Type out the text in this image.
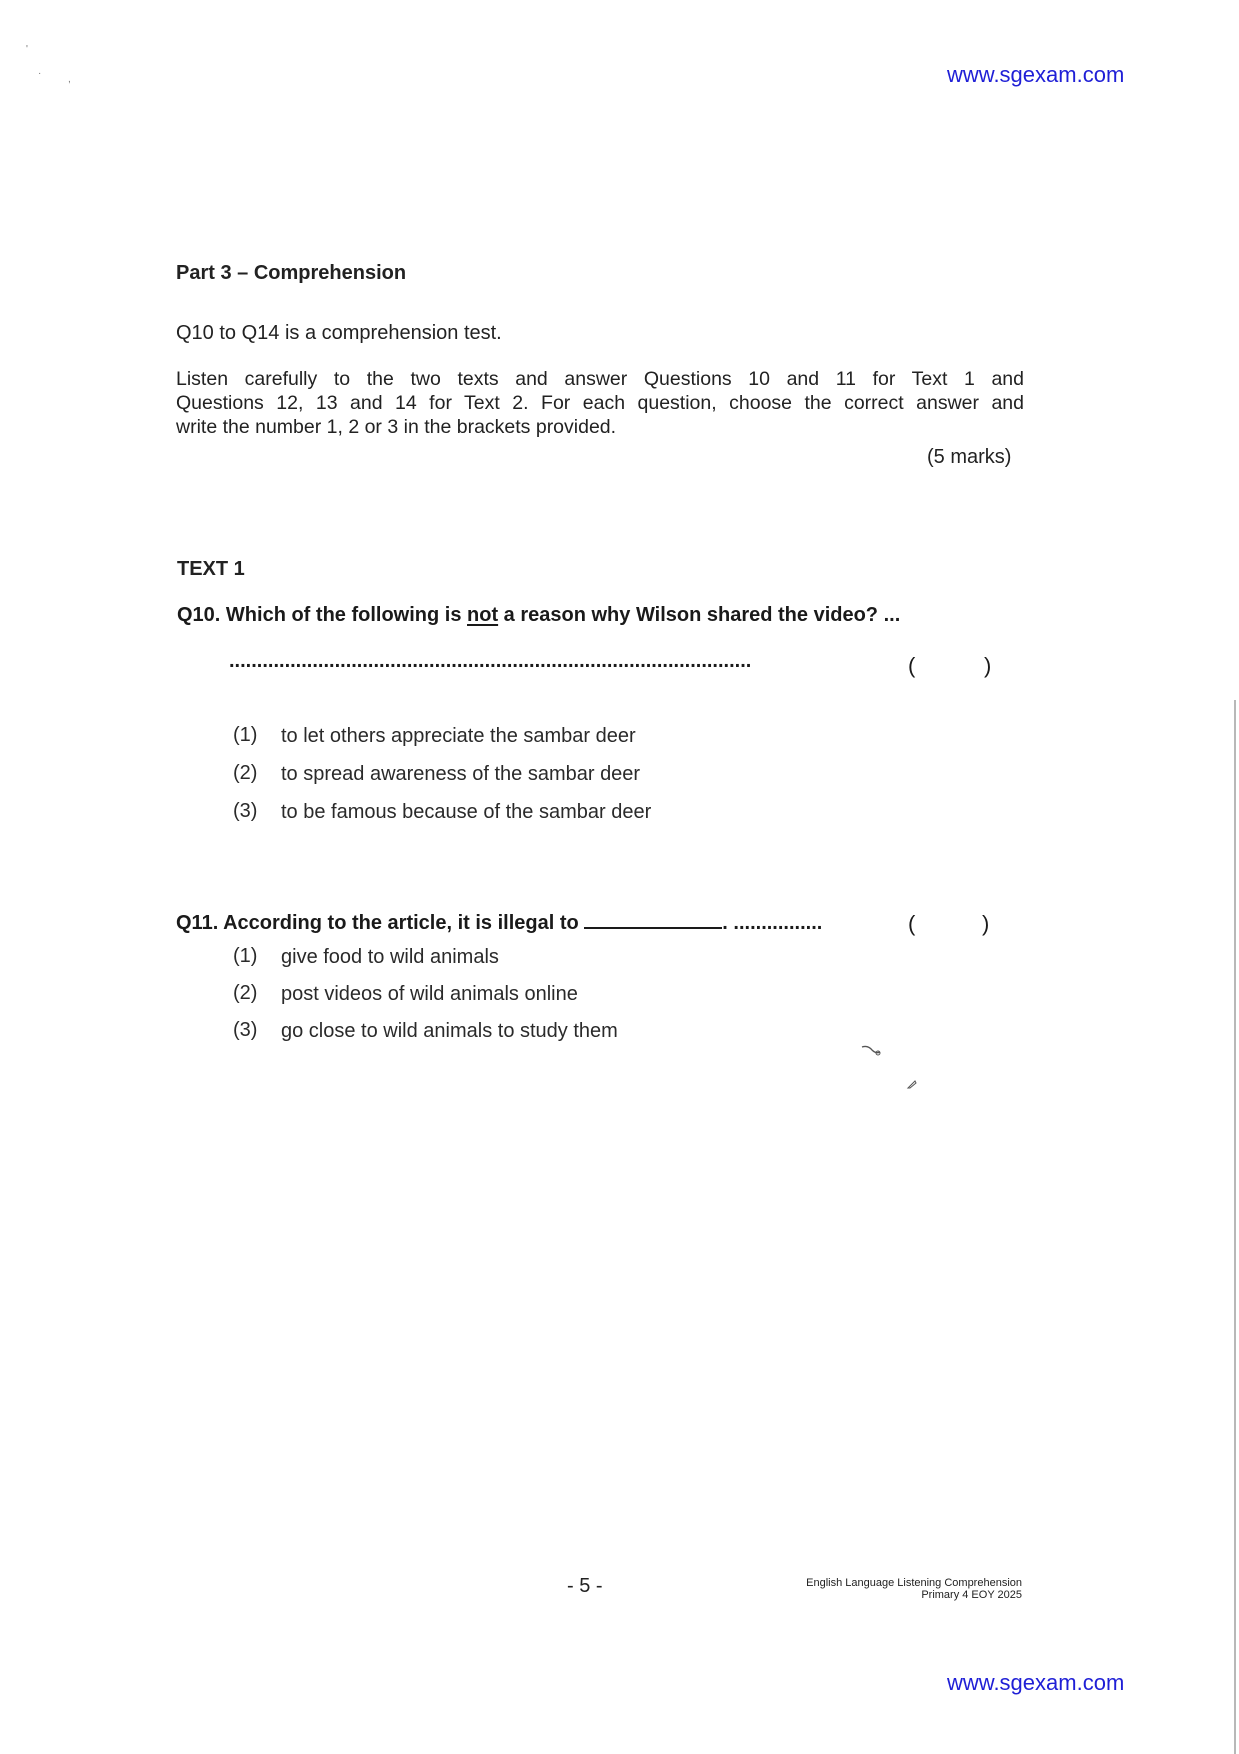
www.sgexam.com
'
,
·
Part 3 – Comprehension
Q10 to Q14 is a comprehension test.
Listen carefully to the two texts and answer Questions 10 and 11 for Text 1 and
Questions 12, 13 and 14 for Text 2. For each question, choose the correct answer and
write the number 1, 2 or 3 in the brackets provided.
(5 marks)
TEXT 1
Q10. Which of the following is not a reason why Wilson shared the video? ...
..............................................................................................	(	)
(1) to let others appreciate the sambar deer
(2) to spread awareness of the sambar deer
(3) to be famous because of the sambar deer
Q11. According to the article, it is illegal to	. ................	(	)
(1) give food to wild animals
(2) post videos of wild animals online
(3) go close to wild animals to study them
- 5 -	English Language Listening Comprehension
Primary 4 EOY 2025
www.sgexam.com
